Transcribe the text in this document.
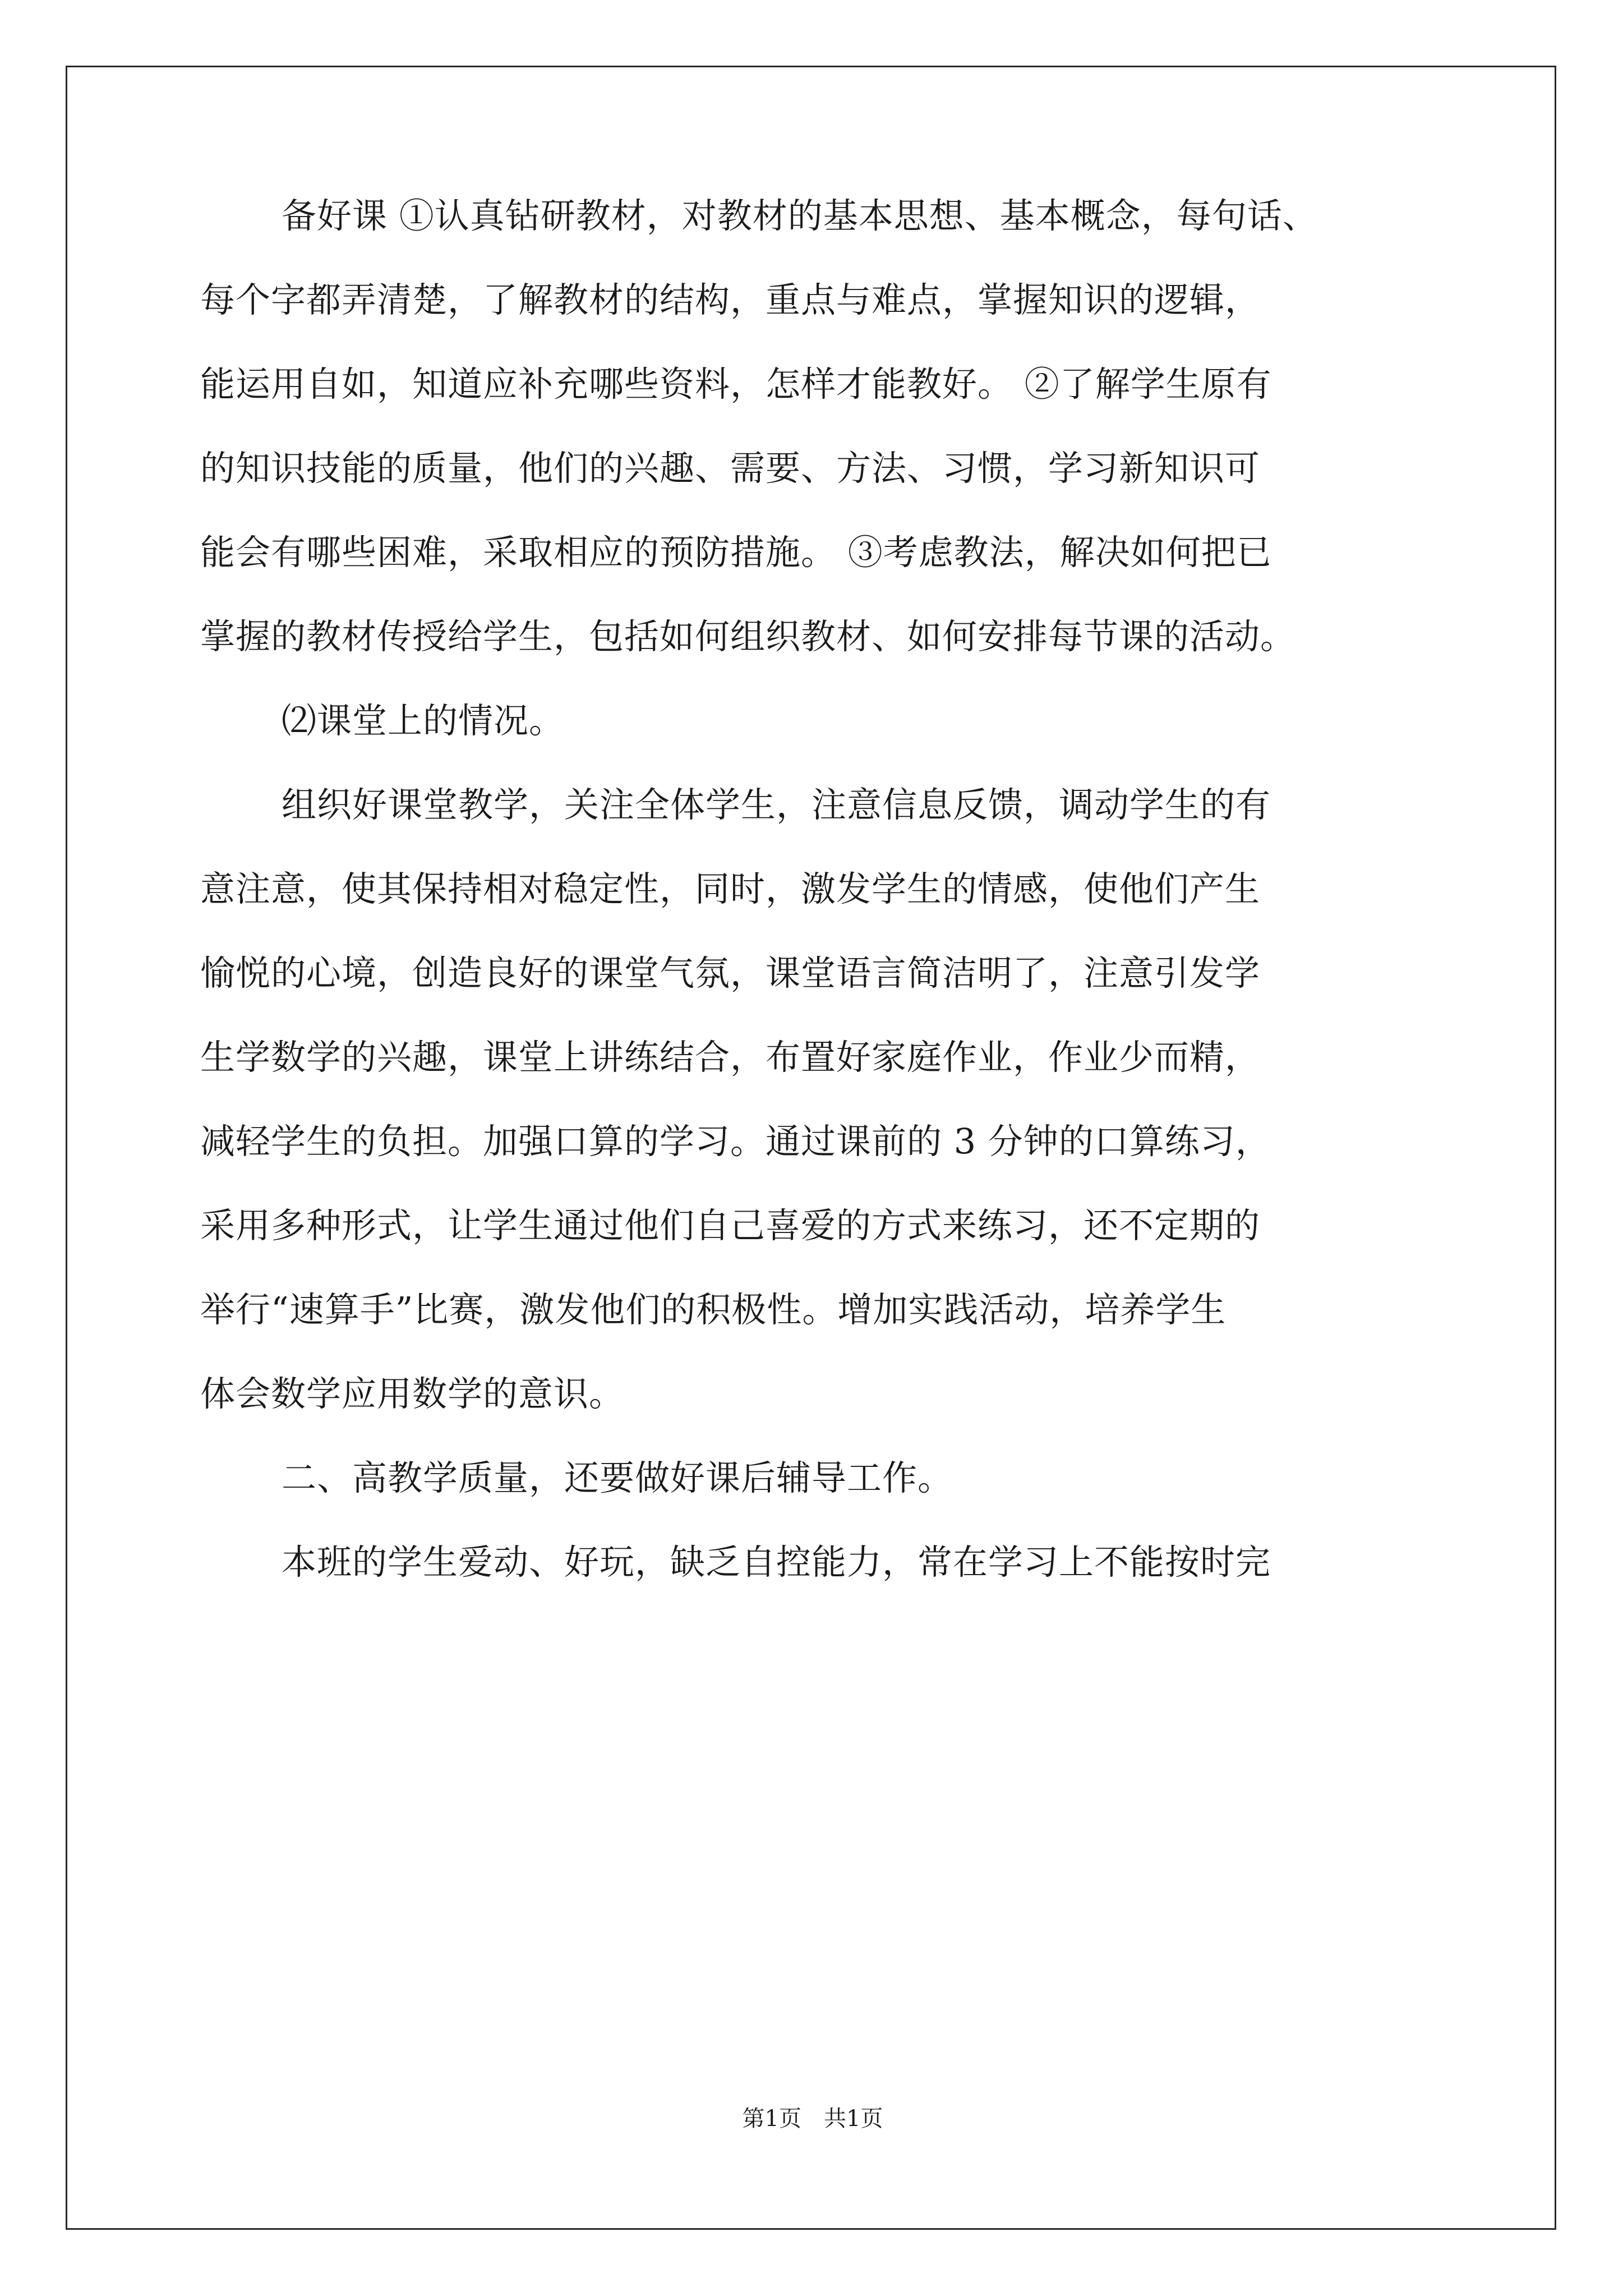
备好课 ①认真钻研教材，对教材的基本思想、基本概念，每句话、
每个字都弄清楚，了解教材的结构，重点与难点，掌握知识的逻辑，
能运用自如，知道应补充哪些资料，怎样才能教好。 ②了解学生原有
的知识技能的质量，他们的兴趣、需要、方法、习惯，学习新知识可
能会有哪些困难，采取相应的预防措施。 ③考虑教法，解决如何把已
掌握的教材传授给学生，包括如何组织教材、如何安排每节课的活动。
⑵课堂上的情况。
组织好课堂教学，关注全体学生，注意信息反馈，调动学生的有
意注意，使其保持相对稳定性，同时，激发学生的情感，使他们产生
愉悦的心境，创造良好的课堂气氛，课堂语言简洁明了，注意引发学
生学数学的兴趣，课堂上讲练结合，布置好家庭作业，作业少而精，
减轻学生的负担。加强口算的学习。通过课前的 3 分钟的口算练习，
采用多种形式，让学生通过他们自己喜爱的方式来练习，还不定期的
举行“速算手”比赛，激发他们的积极性。增加实践活动，培养学生
体会数学应用数学的意识。
二、高教学质量，还要做好课后辅导工作。
本班的学生爱动、好玩，缺乏自控能力，常在学习上不能按时完
第1页　共1页
